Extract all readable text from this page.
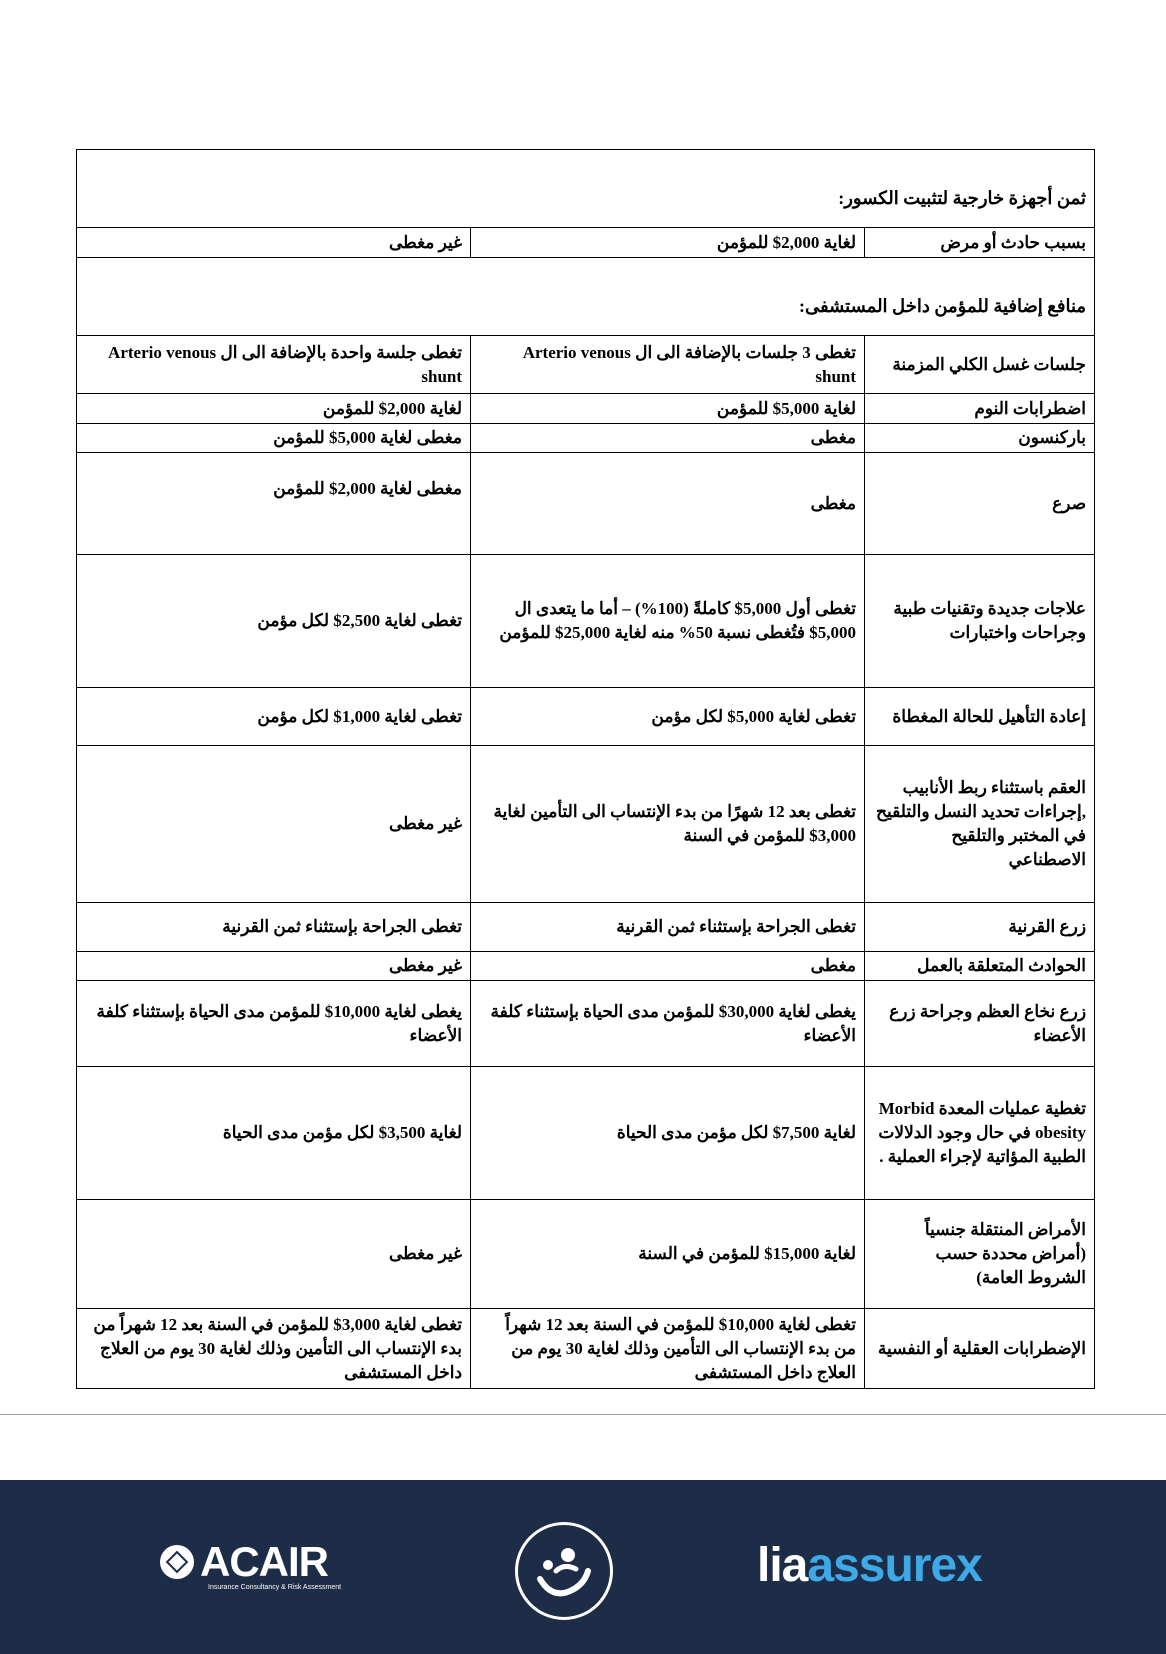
ثمن أجهزة خارجية لتثبيت الكسور:		
بسبب حادث أو مرض	لغاية 2,000$ للمؤمن	غير مغطى
منافع إضافية للمؤمن داخل المستشفى:		
جلسات غسل الكلي المزمنة	تغطى 3 جلسات بالإضافة الى ال Arterio venous shunt	تغطى جلسة واحدة بالإضافة الى ال Arterio venous shunt
اضطرابات النوم	لغاية 5,000$ للمؤمن	لغاية 2,000$ للمؤمن
باركنسون	مغطى	مغطى لغاية 5,000$ للمؤمن
صرع	مغطى	مغطى لغاية 2,000$ للمؤمن
علاجات جديدة وتقنيات طبية وجراحات واختبارات	تغطى أول 5,000$ كاملةً (100%) – أما ما يتعدى ال 5,000$ فتُغطى نسبة 50% منه لغاية 25,000$ للمؤمن	تغطى لغاية 2,500$ لكل مؤمن
إعادة التأهيل للحالة المغطاة	تغطى لغاية 5,000$ لكل مؤمن	تغطى لغاية 1,000$ لكل مؤمن
العقم باستثناء ربط الأنابيب ,إجراءات تحديد النسل والتلقيح في المختبر والتلقيح الاصطناعي	تغطى بعد 12 شهرًا من بدء الإنتساب الى التأمين لغاية 3,000$ للمؤمن في السنة	غير مغطى
زرع القرنية	تغطى الجراحة بإستثناء ثمن القرنية	تغطى الجراحة بإستثناء ثمن القرنية
الحوادث المتعلقة بالعمل	مغطى	غير مغطى
زرع نخاع العظم وجراحة زرع الأعضاء	يغطى لغاية 30,000$ للمؤمن مدى الحياة بإستثناء كلفة الأعضاء	يغطى لغاية 10,000$ للمؤمن مدى الحياة بإستثناء كلفة الأعضاء
تغطية عمليات المعدة Morbid obesity في حال وجود الدلالات الطبية المؤاتية لإجراء العملية .	لغاية 7,500$ لكل مؤمن مدى الحياة	لغاية 3,500$ لكل مؤمن مدى الحياة
الأمراض المنتقلة جنسياً (أمراض محددة حسب الشروط العامة)	لغاية 15,000$ للمؤمن في السنة	غير مغطى
الإضطرابات العقلية أو النفسية	تغطى لغاية 10,000$ للمؤمن في السنة بعد 12 شهراً من بدء الإنتساب الى التأمين وذلك لغاية 30 يوم من العلاج داخل المستشفى	تغطى لغاية 3,000$ للمؤمن في السنة بعد 12 شهراً من بدء الإنتساب الى التأمين وذلك لغاية 30 يوم من العلاج داخل المستشفى
ACAIR
Insurance Consultancy & Risk Assessment	liaassurex
